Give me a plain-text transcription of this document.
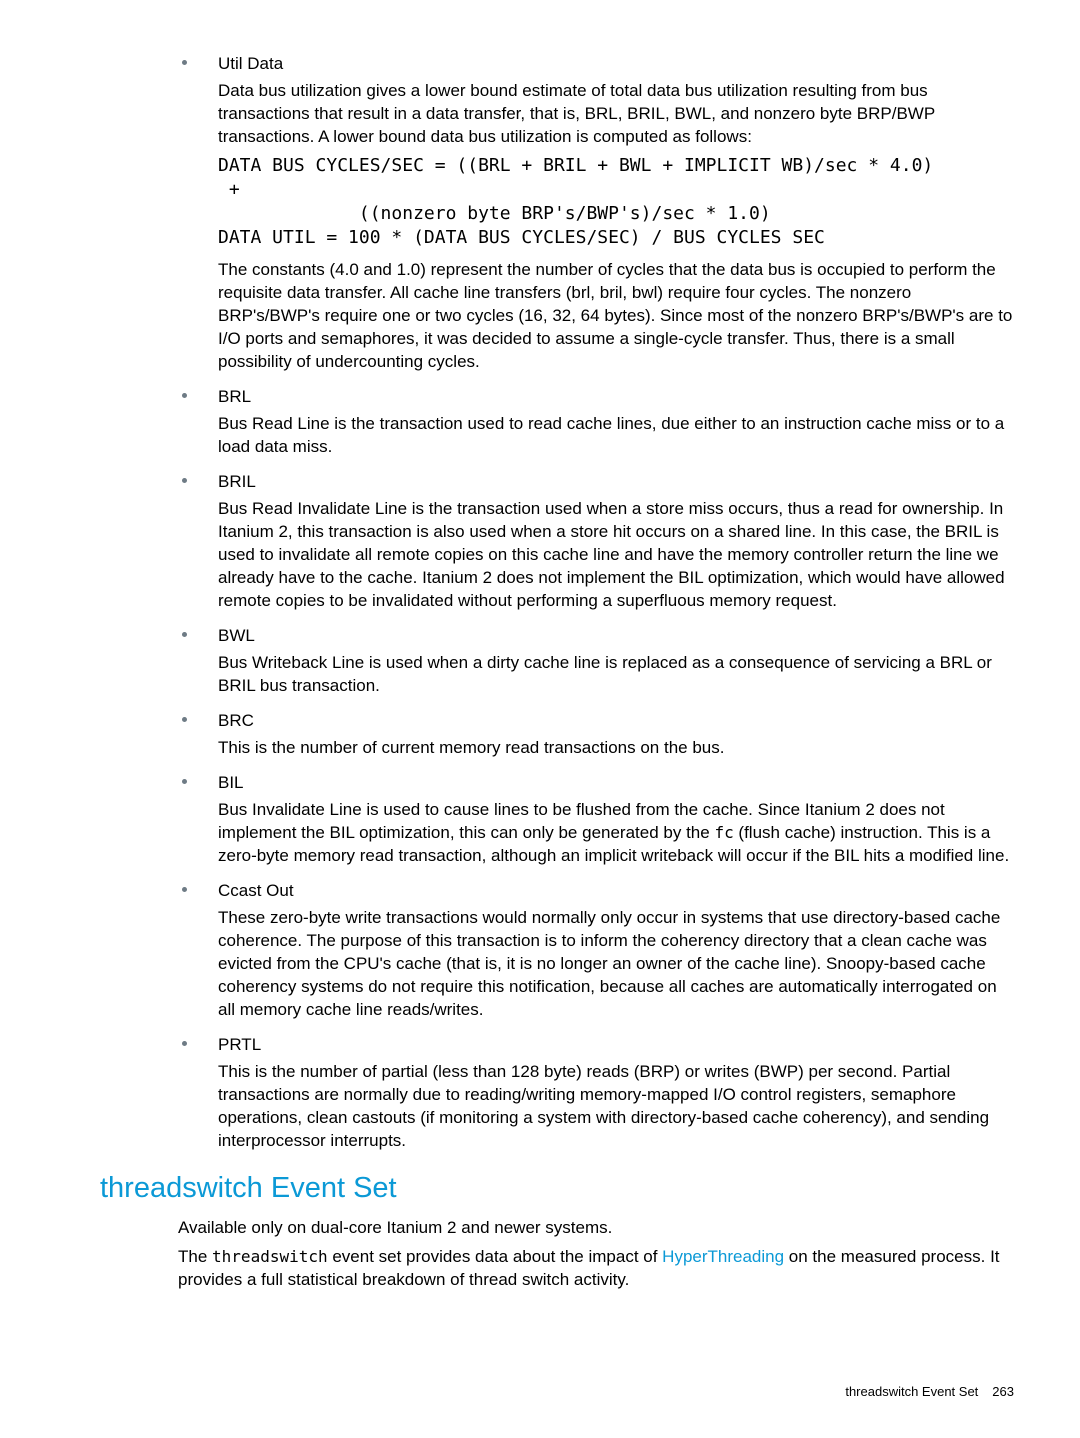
Util Data

Data bus utilization gives a lower bound estimate of total data bus utilization resulting from bus transactions that result in a data transfer, that is, BRL, BRIL, BWL, and nonzero byte BRP/BWP transactions. A lower bound data bus utilization is computed as follows:

DATA BUS CYCLES/SEC = ((BRL + BRIL + BWL + IMPLICIT WB)/sec * 4.0)
+
((nonzero byte BRP's/BWP's)/sec * 1.0)
DATA UTIL = 100 * (DATA BUS CYCLES/SEC) / BUS CYCLES SEC

The constants (4.0 and 1.0) represent the number of cycles that the data bus is occupied to perform the requisite data transfer. All cache line transfers (brl, bril, bwl) require four cycles. The nonzero BRP's/BWP's require one or two cycles (16, 32, 64 bytes). Since most of the nonzero BRP's/BWP's are to I/O ports and semaphores, it was decided to assume a single-cycle transfer. Thus, there is a small possibility of undercounting cycles.

BRL

Bus Read Line is the transaction used to read cache lines, due either to an instruction cache miss or to a load data miss.

BRIL

Bus Read Invalidate Line is the transaction used when a store miss occurs, thus a read for ownership. In Itanium 2, this transaction is also used when a store hit occurs on a shared line. In this case, the BRIL is used to invalidate all remote copies on this cache line and have the memory controller return the line we already have to the cache. Itanium 2 does not implement the BIL optimization, which would have allowed remote copies to be invalidated without performing a superfluous memory request.

BWL

Bus Writeback Line is used when a dirty cache line is replaced as a consequence of servicing a BRL or BRIL bus transaction.

BRC

This is the number of current memory read transactions on the bus.

BIL

Bus Invalidate Line is used to cause lines to be flushed from the cache. Since Itanium 2 does not implement the BIL optimization, this can only be generated by the fc (flush cache) instruction. This is a zero-byte memory read transaction, although an implicit writeback will occur if the BIL hits a modified line.

Ccast Out

These zero-byte write transactions would normally only occur in systems that use directory-based cache coherence. The purpose of this transaction is to inform the coherency directory that a clean cache was evicted from the CPU's cache (that is, it is no longer an owner of the cache line). Snoopy-based cache coherency systems do not require this notification, because all caches are automatically interrogated on all memory cache line reads/writes.

PRTL

This is the number of partial (less than 128 byte) reads (BRP) or writes (BWP) per second. Partial transactions are normally due to reading/writing memory-mapped I/O control registers, semaphore operations, clean castouts (if monitoring a system with directory-based cache coherency), and sending interprocessor interrupts.

threadswitch Event Set

Available only on dual-core Itanium 2 and newer systems.

The threadswitch event set provides data about the impact of HyperThreading on the measured process. It provides a full statistical breakdown of thread switch activity.

threadswitch Event Set 263
